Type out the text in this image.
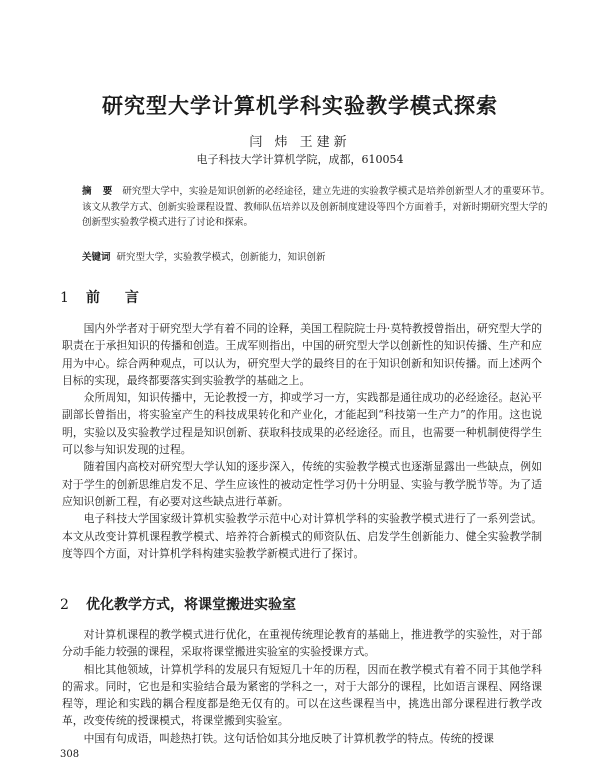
研究型大学计算机学科实验教学模式探索
闫 炜 王建新
电子科技大学计算机学院，成都，610054
摘 要 研究型大学中，实验是知识创新的必经途径，建立先进的实验教学模式是培养创新型人才的重要环节。该文从教学方式、创新实验课程设置、教师队伍培养以及创新制度建设等四个方面着手，对新时期研究型大学的创新型实验教学模式进行了讨论和探索。
关键词 研究型大学，实验教学模式，创新能力，知识创新
1 前 言

国内外学者对于研究型大学有着不同的诠释，美国工程院院士丹·莫特教授曾指出，研究型大学的职责在于承担知识的传播和创造。王成军则指出，中国的研究型大学以创新性的知识传播、生产和应用为中心。综合两种观点，可以认为，研究型大学的最终目的在于知识创新和知识传播。而上述两个目标的实现，最终都要落实到实验教学的基础之上。

众所周知，知识传播中，无论教授一方，抑或学习一方，实践都是通往成功的必经途径。赵沁平副部长曾指出，将实验室产生的科技成果转化和产业化，才能起到“科技第一生产力”的作用。这也说明，实验以及实验教学过程是知识创新、获取科技成果的必经途径。而且，也需要一种机制使得学生可以参与知识发现的过程。

随着国内高校对研究型大学认知的逐步深入，传统的实验教学模式也逐渐显露出一些缺点，例如对于学生的创新思维启发不足、学生应该性的被动定性学习仍十分明显、实验与教学脱节等。为了适应知识创新工程，有必要对这些缺点进行革新。

电子科技大学国家级计算机实验教学示范中心对计算机学科的实验教学模式进行了一系列尝试。本文从改变计算机课程教学模式、培养符合新模式的师资队伍、启发学生创新能力、健全实验教学制度等四个方面，对计算机学科构建实验教学新模式进行了探讨。

2 优化教学方式，将课堂搬进实验室

对计算机课程的教学模式进行优化，在重视传统理论教育的基础上，推进教学的实验性，对于部分动手能力较强的课程，采取将课堂搬进实验室的实验授课方式。

相比其他领域，计算机学科的发展只有短短几十年的历程，因而在教学模式有着不同于其他学科的需求。同时，它也是和实验结合最为紧密的学科之一，对于大部分的课程，比如语言课程、网络课程等，理论和实践的耦合程度都是绝无仅有的。可以在这些课程当中，挑选出部分课程进行教学改革，改变传统的授课模式，将课堂搬到实验室。

中国有句成语，叫趁热打铁。这句话恰如其分地反映了计算机教学的特点。传统的授课

308
